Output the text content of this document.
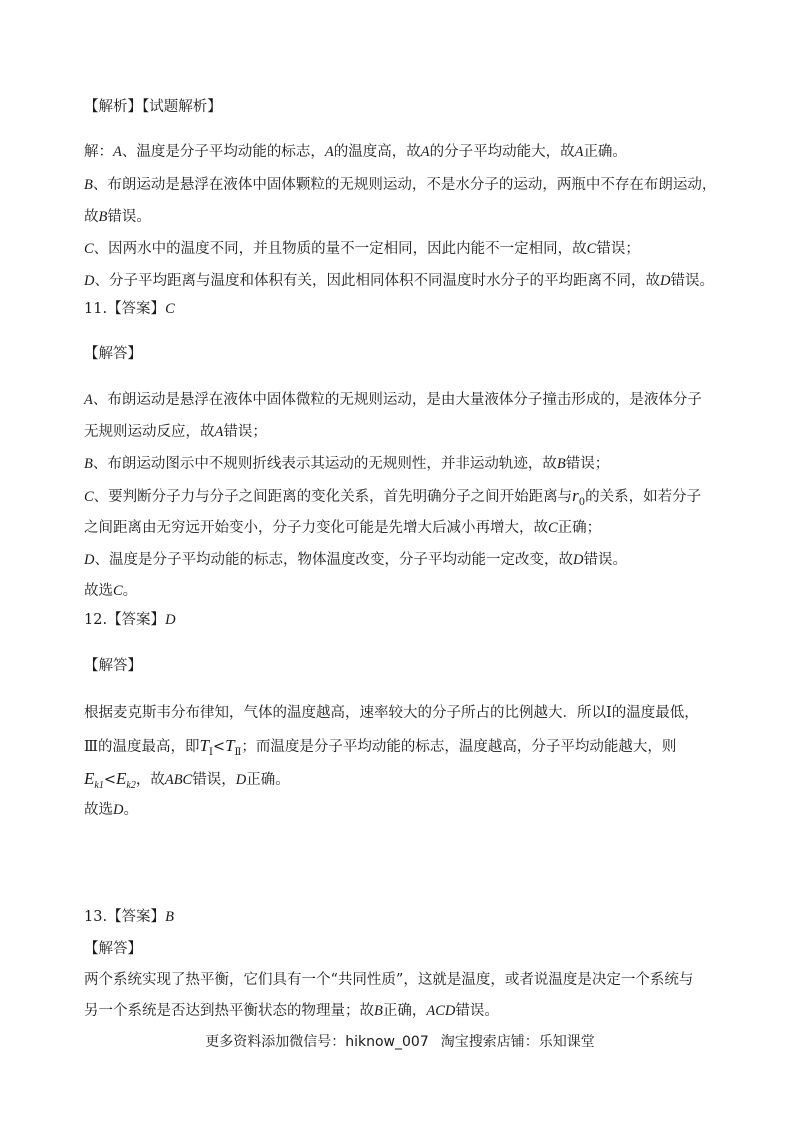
【解析】【试题解析】
解：A、温度是分子平均动能的标志，A的温度高，故A的分子平均动能大，故A正确。
B、布朗运动是悬浮在液体中固体颗粒的无规则运动，不是水分子的运动，两瓶中不存在布朗运动，
故B错误。
C、因两水中的温度不同，并且物质的量不一定相同，因此内能不一定相同，故C错误；
D、分子平均距离与温度和体积有关，因此相同体积不同温度时水分子的平均距离不同，故D错误。
11.【答案】C
【解答】
A、布朗运动是悬浮在液体中固体微粒的无规则运动，是由大量液体分子撞击形成的，是液体分子
无规则运动反应，故A错误；
B、布朗运动图示中不规则折线表示其运动的无规则性，并非运动轨迹，故B错误；
C、要判断分子力与分子之间距离的变化关系，首先明确分子之间开始距离与$r_0$的关系，如若分子
之间距离由无穷远开始变小，分子力变化可能是先增大后减小再增大，故C正确；
D、温度是分子平均动能的标志，物体温度改变，分子平均动能一定改变，故D错误。
故选C。
12.【答案】D
【解答】
根据麦克斯韦分布律知，气体的温度越高，速率较大的分子所占的比例越大．所以Ⅰ的温度最低，
Ⅲ的温度最高，即$T_Ⅰ<T_Ⅱ$；而温度是分子平均动能的标志，温度越高，分子平均动能越大，则
$E_{k1}<E_{k2}$，故ABC错误，D正确。
故选D。
13.【答案】B
【解答】
两个系统实现了热平衡，它们具有一个“共同性质”，这就是温度，或者说温度是决定一个系统与
另一个系统是否达到热平衡状态的物理量；故B正确，ACD错误。
更多资料添加微信号：hiknow_007 淘宝搜索店铺：乐知课堂
